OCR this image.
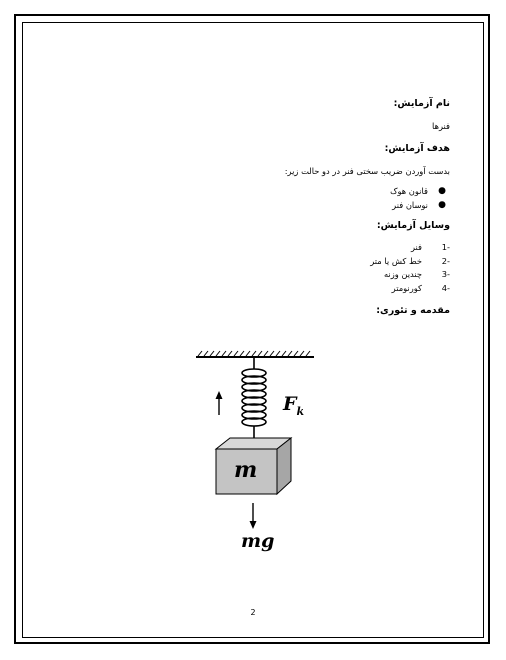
نام آزمایش:

فنرها

هدف آزمایش:

بدست آوردن ضریب سختی فنر در دو حالت زیر:

●
قانون هوک
●
نوسان فنر

وسایل آزمایش:

1-
فنر
2-
خط کش یا متر
3-
چندین وزنه
4-
کورنومتر

مقدمه و تئوری:

$F_k$
m
mg
2
